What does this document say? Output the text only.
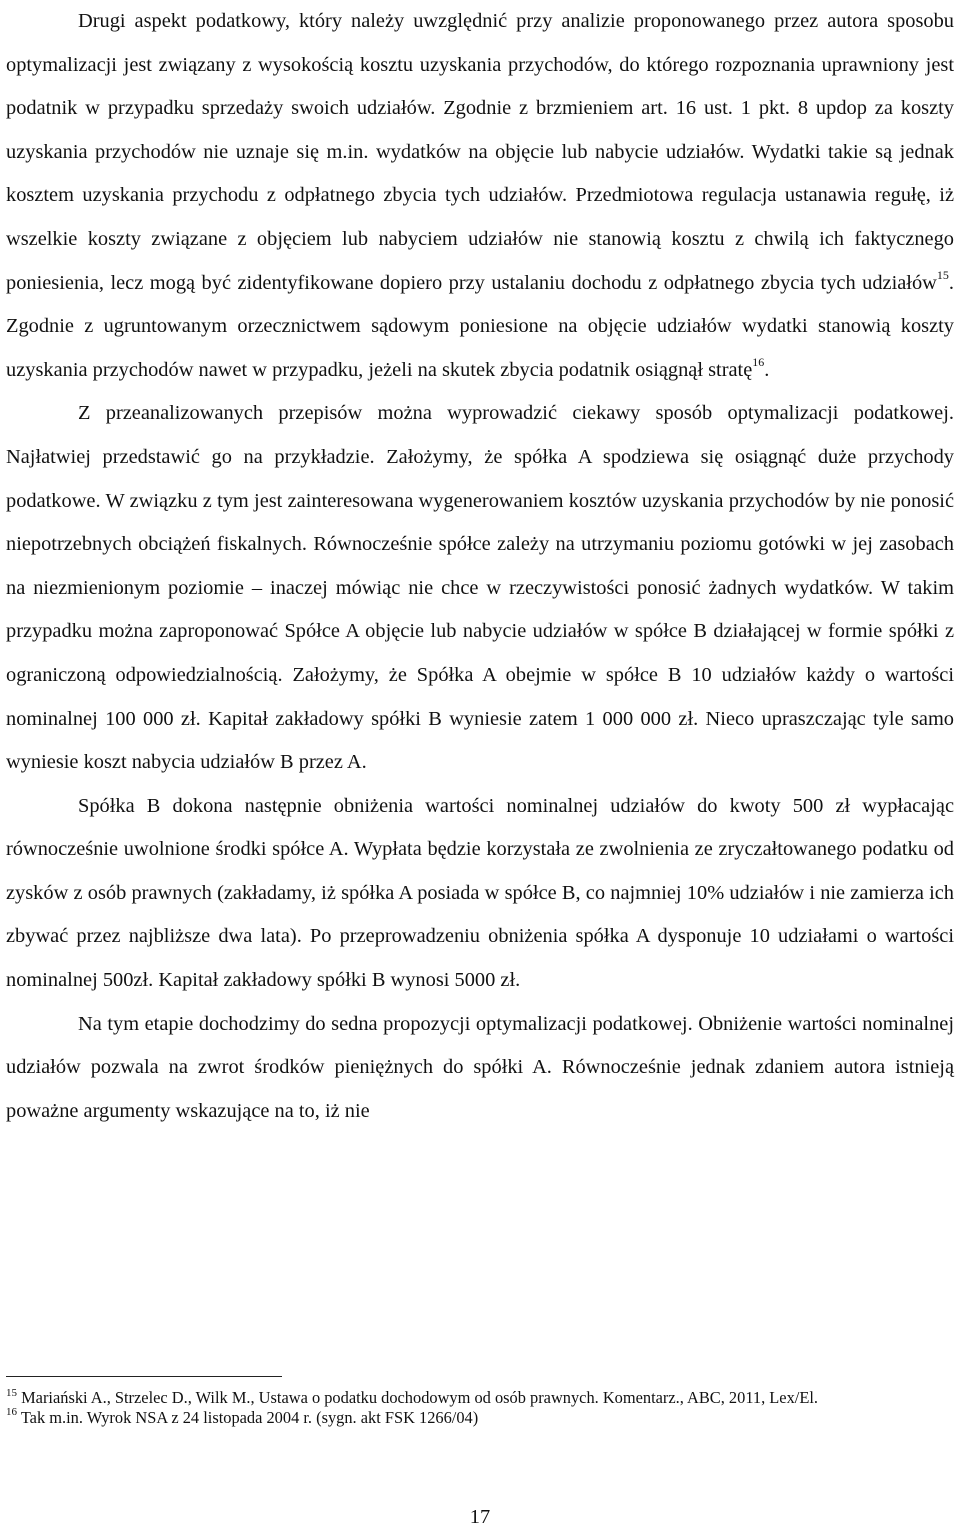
Drugi aspekt podatkowy, który należy uwzględnić przy analizie proponowanego przez autora sposobu optymalizacji jest związany z wysokością kosztu uzyskania przychodów, do którego rozpoznania uprawniony jest podatnik w przypadku sprzedaży swoich udziałów. Zgodnie z brzmieniem art. 16 ust. 1 pkt. 8 updop za koszty uzyskania przychodów nie uznaje się m.in. wydatków na objęcie lub nabycie udziałów. Wydatki takie są jednak kosztem uzyskania przychodu z odpłatnego zbycia tych udziałów. Przedmiotowa regulacja ustanawia regułę, iż wszelkie koszty związane z objęciem lub nabyciem udziałów nie stanowią kosztu z chwilą ich faktycznego poniesienia, lecz mogą być zidentyfikowane dopiero przy ustalaniu dochodu z odpłatnego zbycia tych udziałów$^{15}$. Zgodnie z ugruntowanym orzecznictwem sądowym poniesione na objęcie udziałów wydatki stanowią koszty uzyskania przychodów nawet w przypadku, jeżeli na skutek zbycia podatnik osiągnął stratę$^{16}$.

Z przeanalizowanych przepisów można wyprowadzić ciekawy sposób optymalizacji podatkowej. Najłatwiej przedstawić go na przykładzie. Założymy, że spółka A spodziewa się osiągnąć duże przychody podatkowe. W związku z tym jest zainteresowana wygenerowaniem kosztów uzyskania przychodów by nie ponosić niepotrzebnych obciążeń fiskalnych. Równocześnie spółce zależy na utrzymaniu poziomu gotówki w jej zasobach na niezmienionym poziomie – inaczej mówiąc nie chce w rzeczywistości ponosić żadnych wydatków. W takim przypadku można zaproponować Spółce A objęcie lub nabycie udziałów w spółce B działającej w formie spółki z ograniczoną odpowiedzialnością. Założymy, że Spółka A obejmie w spółce B 10 udziałów każdy o wartości nominalnej 100 000 zł. Kapitał zakładowy spółki B wyniesie zatem 1 000 000 zł. Nieco upraszczając tyle samo wyniesie koszt nabycia udziałów B przez A.

Spółka B dokona następnie obniżenia wartości nominalnej udziałów do kwoty 500 zł wypłacając równocześnie uwolnione środki spółce A. Wypłata będzie korzystała ze zwolnienia ze zryczałtowanego podatku od zysków z osób prawnych (zakładamy, iż spółka A posiada w spółce B, co najmniej 10% udziałów i nie zamierza ich zbywać przez najbliższe dwa lata). Po przeprowadzeniu obniżenia spółka A dysponuje 10 udziałami o wartości nominalnej 500zł. Kapitał zakładowy spółki B wynosi 5000 zł.

Na tym etapie dochodzimy do sedna propozycji optymalizacji podatkowej. Obniżenie wartości nominalnej udziałów pozwala na zwrot środków pieniężnych do spółki A. Równocześnie jednak zdaniem autora istnieją poważne argumenty wskazujące na to, iż nie

$^{15}$ Mariański A., Strzelec D., Wilk M., Ustawa o podatku dochodowym od osób prawnych. Komentarz., ABC, 2011, Lex/El.

$^{16}$ Tak m.in. Wyrok NSA z 24 listopada 2004 r. (sygn. akt FSK 1266/04)

17
